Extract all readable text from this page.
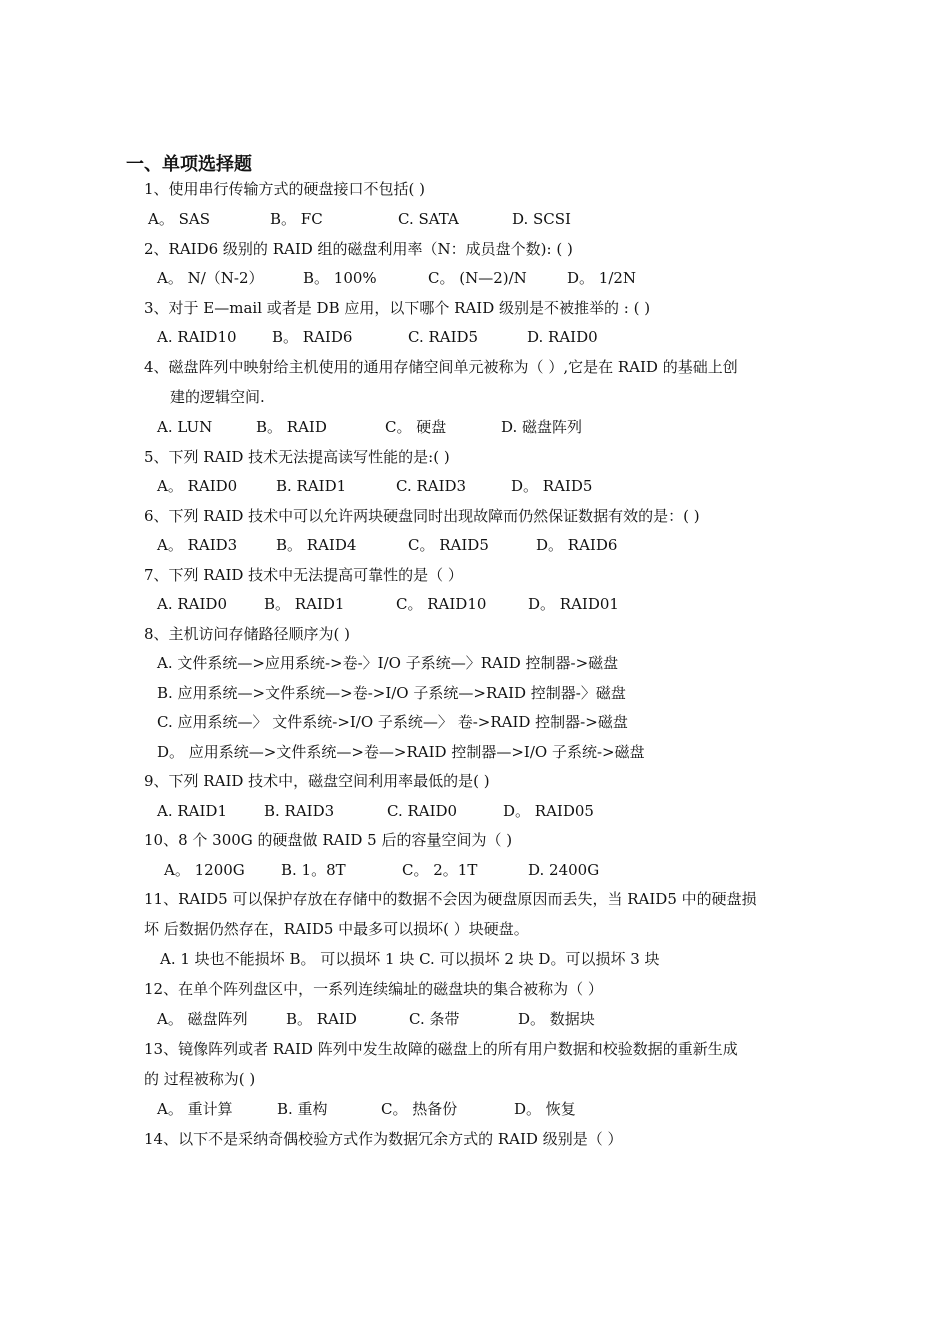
一、单项选择题
1、使用串行传输方式的硬盘接口不包括( )
A。 SAS	B。 FC	C. SATA	D. SCSI
2、RAID6 级别的 RAID 组的磁盘利用率（N：成员盘个数): ( )
A。 N/（N-2）	B。 100%	C。 (N—2)/N	D。 1/2N
3、对于 E—mail 或者是 DB 应用，以下哪个 RAID 级别是不被推举的 : ( )
A. RAID10 B。 RAID6	C. RAID5	D. RAID0
4、磁盘阵列中映射给主机使用的通用存储空间单元被称为（ ）,它是在 RAID 的基础上创
建的逻辑空间.
A. LUN	B。 RAID	C。 硬盘	D. 磁盘阵列
5、下列 RAID 技术无法提高读写性能的是:( )
A。 RAID0	B. RAID1	C. RAID3	D。 RAID5
6、下列 RAID 技术中可以允许两块硬盘同时出现故障而仍然保证数据有效的是：( )
A。 RAID3	B。 RAID4	C。 RAID5	D。 RAID6
7、下列 RAID 技术中无法提高可靠性的是（ ）
A. RAID0 B。 RAID1	C。 RAID10	D。 RAID01
8、主机访问存储路径顺序为( )
A. 文件系统—>应用系统->卷-〉I/O 子系统—〉RAID 控制器->磁盘
B. 应用系统—>文件系统—>卷->I/O 子系统—>RAID 控制器-〉磁盘
C. 应用系统—〉 文件系统->I/O 子系统—〉 卷->RAID 控制器->磁盘
D。 应用系统—>文件系统—>卷—>RAID 控制器—>I/O 子系统->磁盘
9、下列 RAID 技术中，磁盘空间利用率最低的是( )
A. RAID1 B. RAID3	C. RAID0	D。 RAID05
10、8 个 300G 的硬盘做 RAID 5 后的容量空间为（ )
A。 1200G B. 1。8T	C。 2。1T	D. 2400G
11、RAID5 可以保护存放在存储中的数据不会因为硬盘原因而丢失，当 RAID5 中的硬盘损
坏 后数据仍然存在，RAID5 中最多可以损坏( ）块硬盘。
A. 1 块也不能损坏 B。 可以损坏 1 块 C. 可以损坏 2 块 D。可以损坏 3 块
12、在单个阵列盘区中，一系列连续编址的磁盘块的集合被称为（ ）
A。 磁盘阵列	B。 RAID	C. 条带	D。 数据块
13、镜像阵列或者 RAID 阵列中发生故障的磁盘上的所有用户数据和校验数据的重新生成
的 过程被称为( )
A。 重计算	B. 重构	C。 热备份	D。 恢复
14、以下不是采纳奇偶校验方式作为数据冗余方式的 RAID 级别是（ ）
